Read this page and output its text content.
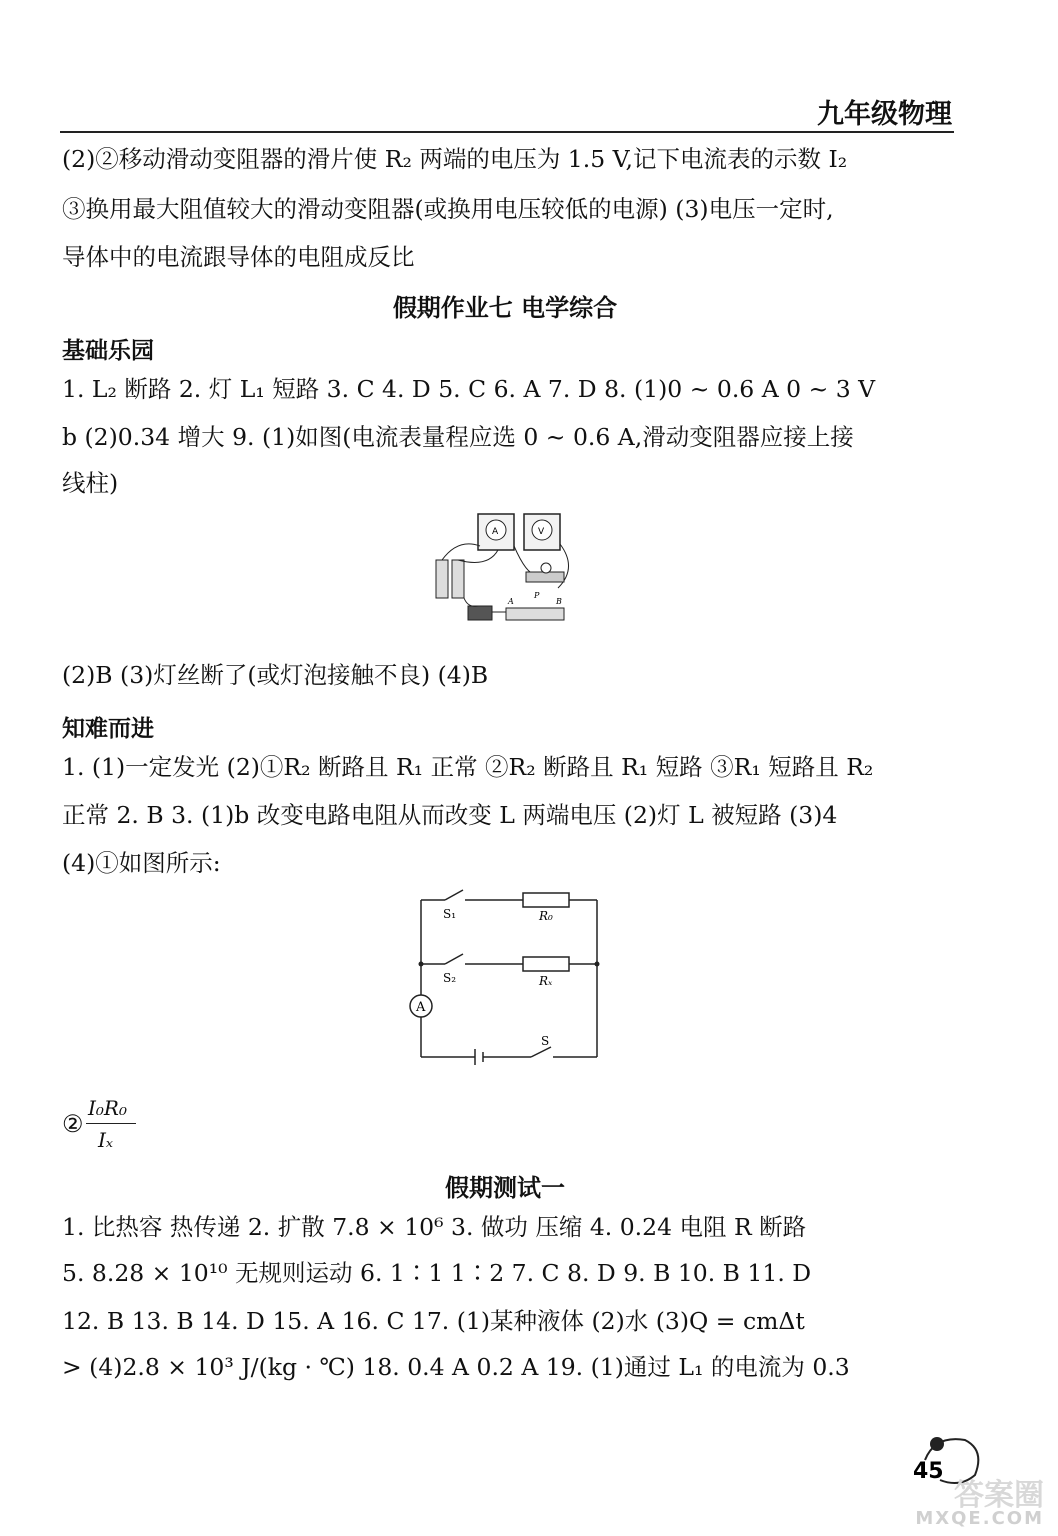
九年级物理
(2)②移动滑动变阻器的滑片使 R₂ 两端的电压为 1.5 V,记下电流表的示数 I₂
③换用最大阻值较大的滑动变阻器(或换用电压较低的电源) (3)电压一定时,
导体中的电流跟导体的电阻成反比
假期作业七 电学综合
基础乐园
1. L₂ 断路 2. 灯 L₁ 短路 3. C 4. D 5. C 6. A 7. D 8. (1)0 ~ 0.6 A 0 ~ 3 V
b (2)0.34 增大 9. (1)如图(电流表量程应选 0 ~ 0.6 A,滑动变阻器应接上接
线柱)
A	V
A
P
B
(2)B (3)灯丝断了(或灯泡接触不良) (4)B
知难而进
1. (1)一定发光 (2)①R₂ 断路且 R₁ 正常 ②R₂ 断路且 R₁ 短路 ③R₁ 短路且 R₂
正常 2. B 3. (1)b 改变电路电阻从而改变 L 两端电压 (2)灯 L 被短路 (3)4
(4)①如图所示:
S₁	R₀
S₂	Rₓ
A
S
②
I₀R₀
Iₓ
假期测试一
1. 比热容 热传递 2. 扩散 7.8 × 10⁶ 3. 做功 压缩 4. 0.24 电阻 R 断路
5. 8.28 × 10¹⁰ 无规则运动 6. 1∶1 1∶2 7. C 8. D 9. B 10. B 11. D
12. B 13. B 14. D 15. A 16. C 17. (1)某种液体 (2)水 (3)Q = cmΔt
> (4)2.8 × 10³ J/(kg · ℃) 18. 0.4 A 0.2 A 19. (1)通过 L₁ 的电流为 0.3
45
答案圈
MXQE.COM
